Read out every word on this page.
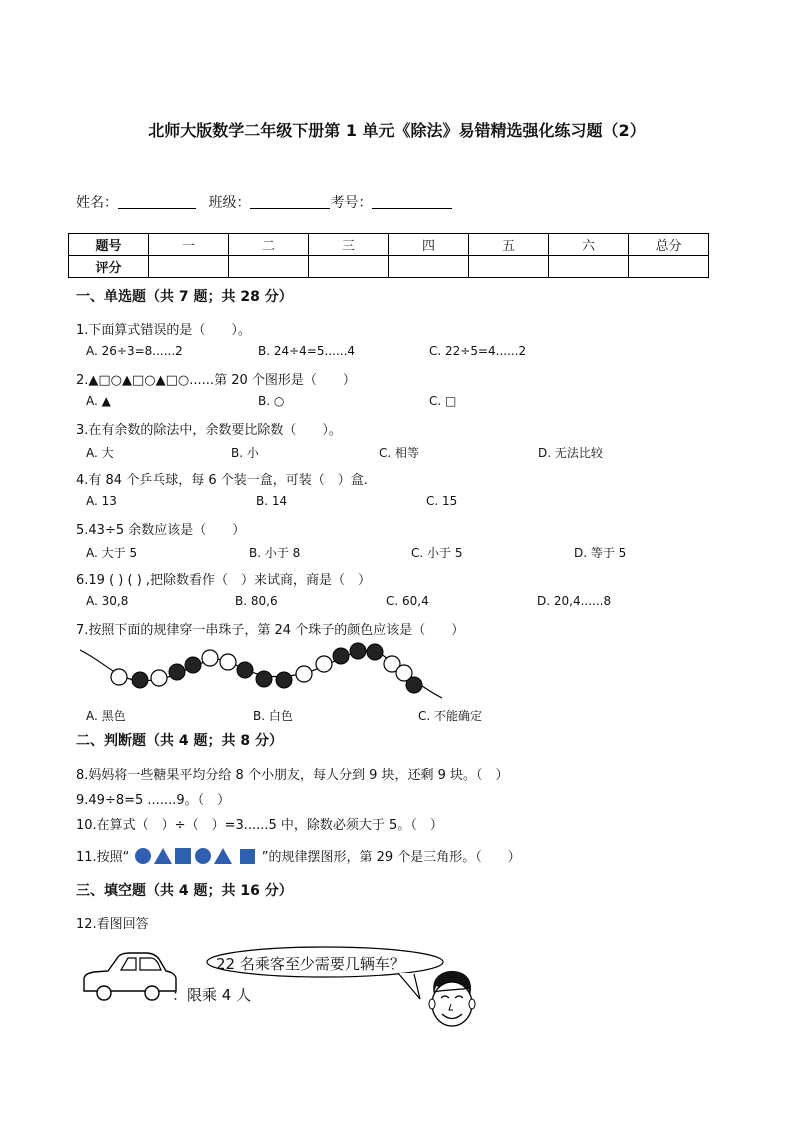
北师大版数学二年级下册第 1 单元《除法》易错精选强化练习题（2）
姓名：	班级：	考号：
题号	一	二	三	四	五	六	总分
评分							
一、单选题（共 7 题；共 28 分）
1.下面算式错误的是（　　）。
A. 26÷3=8......2	B. 24÷4=5......4	C. 22÷5=4......2
2.▲□○▲□○▲□○......第 20 个图形是（　　）
A. ▲	B. ○	C. □
3.在有余数的除法中，余数要比除数（　　）。
A. 大	B. 小	C. 相等	D. 无法比较
4.有 84 个乒乓球，每 6 个装一盒，可装（　）盒.
A. 13	B. 14	C. 15
5.43÷5 余数应该是（　　）
A. 大于 5	B. 小于 8	C. 小于 5	D. 等于 5
6.19 ( ) ( ) ,把除数看作（　）来试商，商是（　）
A. 30,8	B. 80,6	C. 60,4	D. 20,4......8
7.按照下面的规律穿一串珠子，第 24 个珠子的颜色应该是（　　）
A. 黑色	B. 白色	C. 不能确定
二、判断题（共 4 题；共 8 分）
8.妈妈将一些糖果平均分给 8 个小朋友，每人分到 9 块，还剩 9 块。（　）
9.49÷8=5 .......9。（　）
10.在算式（　）÷（　）=3......5 中，除数必须大于 5。（　）
11.按照“	”的规律摆图形，第 29 个是三角形。（　　）
三、填空题（共 4 题；共 16 分）
12.看图回答
：限乘 4 人
22 名乘客至少需要几辆车？
